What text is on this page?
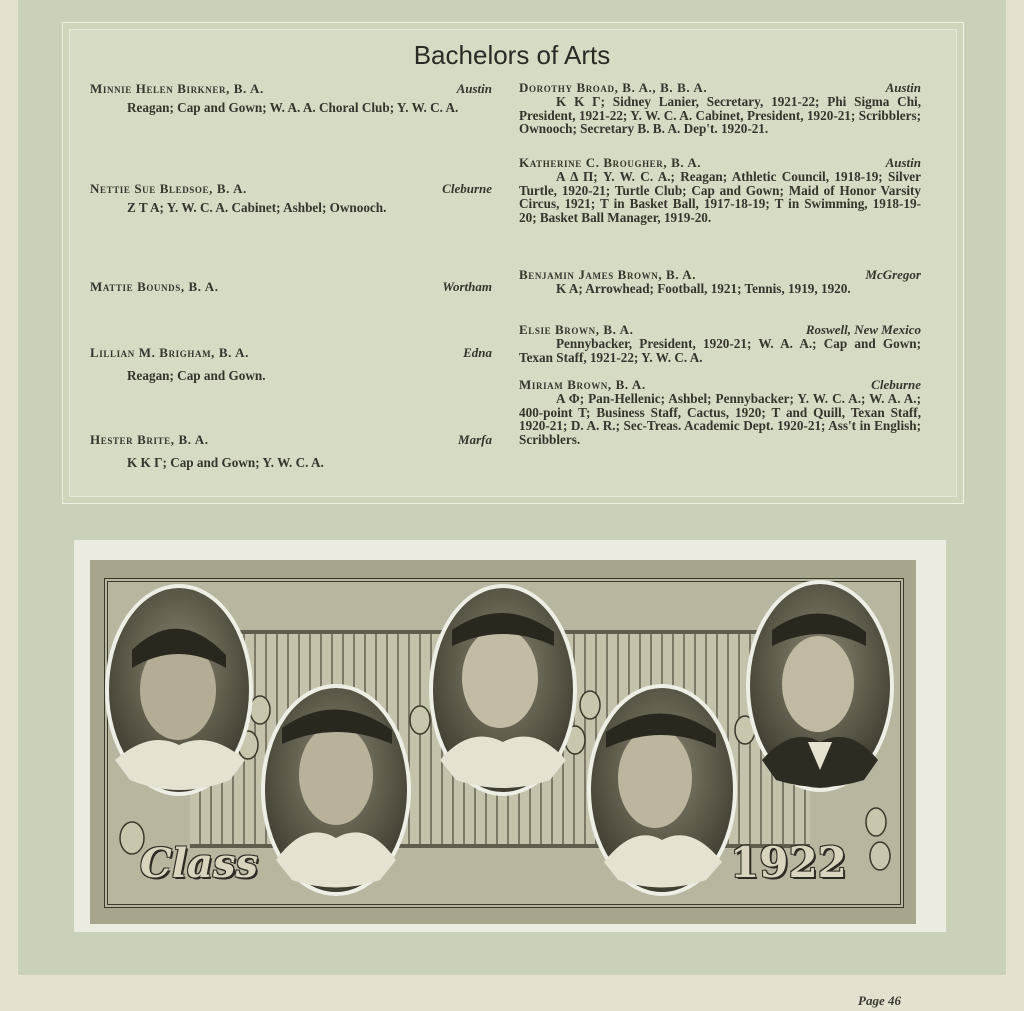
Bachelors of Arts
Minnie Helen Birkner, B. A.	Austin
Reagan; Cap and Gown; W. A. A. Choral Club; Y. W. C. A.
Nettie Sue Bledsoe, B. A.	Cleburne
Z T A; Y. W. C. A. Cabinet; Ashbel; Ownooch.
Mattie Bounds, B. A.	Wortham
Lillian M. Brigham, B. A.	Edna
Reagan; Cap and Gown.
Hester Brite, B. A.	Marfa
K K Γ; Cap and Gown; Y. W. C. A.
Dorothy Broad, B. A., B. B. A.	Austin
K K Γ; Sidney Lanier, Secretary, 1921-22; Phi Sigma Chi, President, 1921-22; Y. W. C. A. Cabinet, President, 1920-21; Scribblers; Ownooch; Secretary B. B. A. Dep't. 1920-21.
Katherine C. Brougher, B. A.	Austin
A Δ Π; Y. W. C. A.; Reagan; Athletic Council, 1918-19; Silver Turtle, 1920-21; Turtle Club; Cap and Gown; Maid of Honor Varsity Circus, 1921; T in Basket Ball, 1917-18-19; T in Swimming, 1918-19-20; Basket Ball Manager, 1919-20.
Benjamin James Brown, B. A.	McGregor
K A; Arrowhead; Football, 1921; Tennis, 1919, 1920.
Elsie Brown, B. A.	Roswell, New Mexico
Pennybacker, President, 1920-21; W. A. A.; Cap and Gown; Texan Staff, 1921-22; Y. W. C. A.
Miriam Brown, B. A.	Cleburne
A Φ; Pan-Hellenic; Ashbel; Pennybacker; Y. W. C. A.; W. A. A.; 400-point T; Business Staff, Cactus, 1920; T and Quill, Texan Staff, 1920-21; D. A. R.; Sec-Treas. Academic Dept. 1920-21; Ass't in English; Scribblers.
Class	1922
Page 46
